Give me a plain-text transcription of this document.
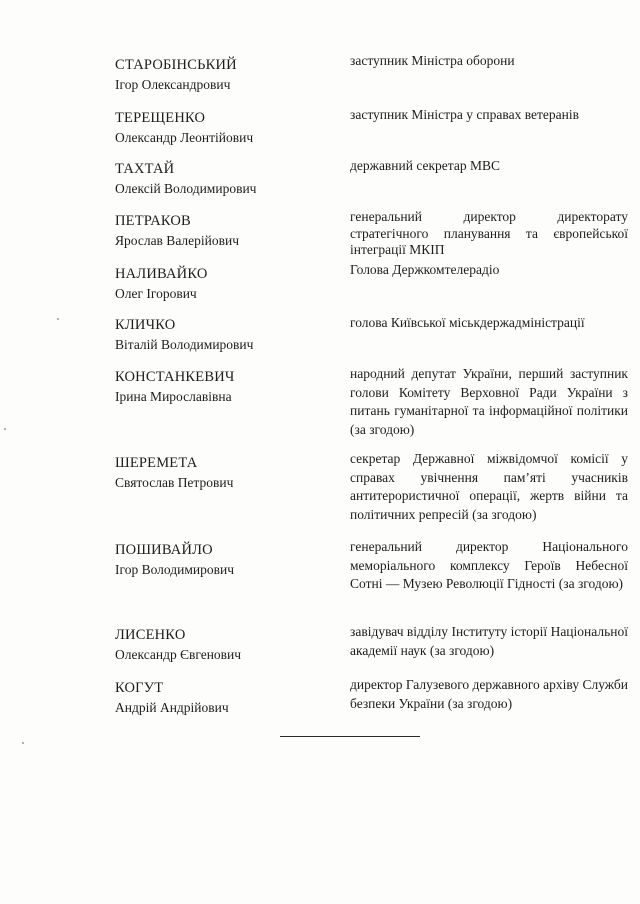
СТАРОБІНСЬКИЙ
Ігор Олександрович
заступник Міністра оборони
ТЕРЕЩЕНКО
Олександр Леонтійович
заступник Міністра у справах ветеранів
ТАХТАЙ
Олексій Володимирович
державний секретар МВС
ПЕТРАКОВ
Ярослав Валерійович
генеральний директор директорату стратегічного планування та європейської інтеграції МКІП
НАЛИВАЙКО
Олег Ігорович
Голова Держкомтелерадіо
КЛИЧКО
Віталій Володимирович
голова Київської міськдержадміністрації
КОНСТАНКЕВИЧ
Ірина Мирославівна
народний депутат України, перший заступник голови Комітету Верховної Ради України з питань гуманітарної та інформаційної політики (за згодою)
ШЕРЕМЕТА
Святослав Петрович
секретар Державної міжвідомчої комісії у справах увічнення пам’яті учасників антитерористичної операції, жертв війни та політичних репресій (за згодою)
ПОШИВАЙЛО
Ігор Володимирович
генеральний директор Національного меморіального комплексу Героїв Небесної Сотні — Музею Революції Гідності (за згодою)
ЛИСЕНКО
Олександр Євгенович
завідувач відділу Інституту історії Національної академії наук (за згодою)
КОГУТ
Андрій Андрійович
директор Галузевого державного архіву Служби безпеки України (за згодою)
